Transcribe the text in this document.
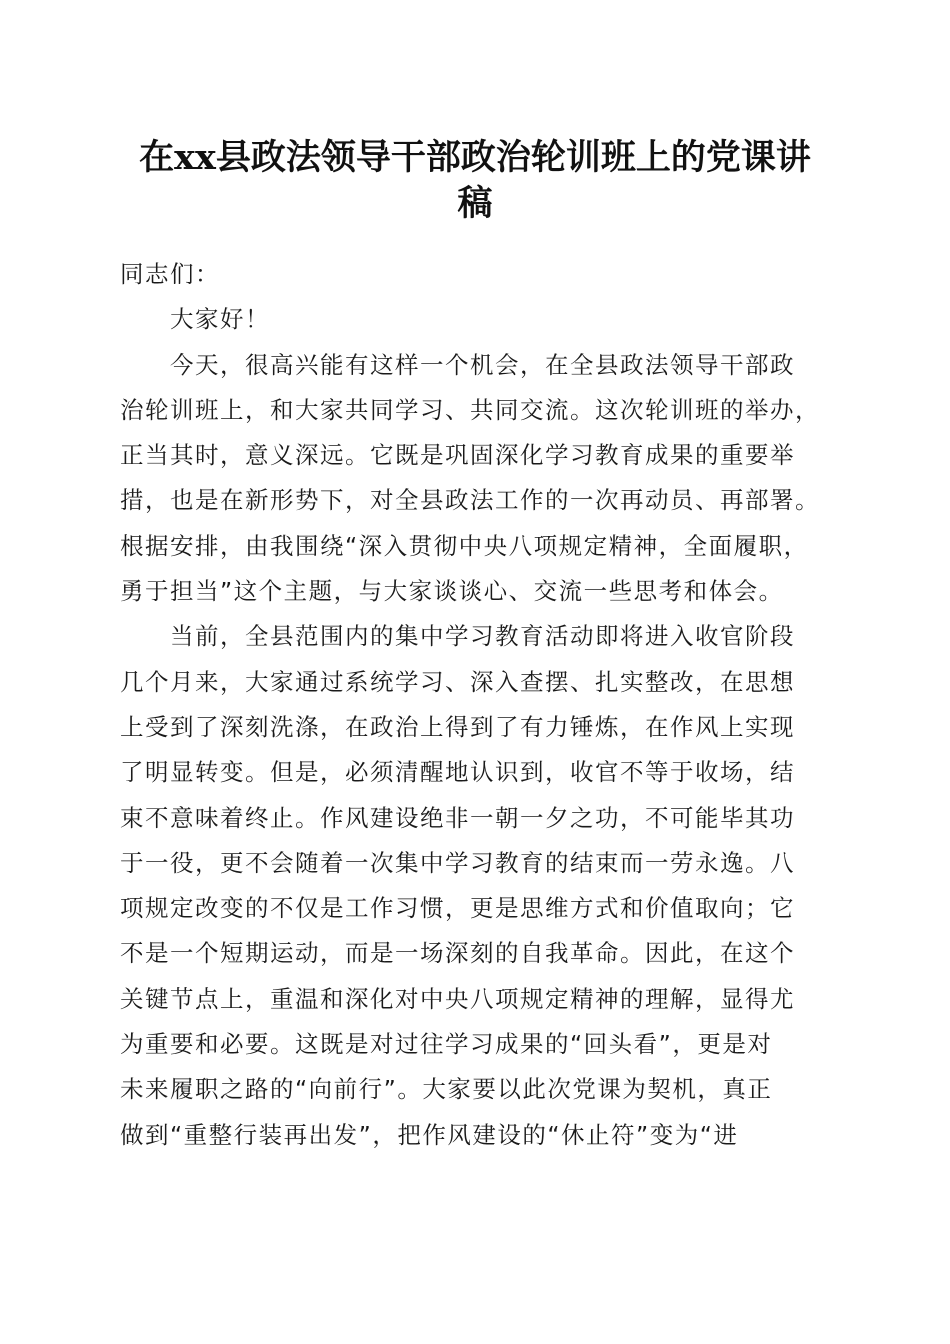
在xx县政法领导干部政治轮训班上的党课讲
稿
同志们：
大家好！
今天，很高兴能有这样一个机会，在全县政法领导干部政
治轮训班上，和大家共同学习、共同交流。这次轮训班的举办，
正当其时，意义深远。它既是巩固深化学习教育成果的重要举
措，也是在新形势下，对全县政法工作的一次再动员、再部署。
根据安排，由我围绕“深入贯彻中央八项规定精神，全面履职，
勇于担当”这个主题，与大家谈谈心、交流一些思考和体会。
当前，全县范围内的集中学习教育活动即将进入收官阶段
几个月来，大家通过系统学习、深入查摆、扎实整改，在思想
上受到了深刻洗涤，在政治上得到了有力锤炼，在作风上实现
了明显转变。但是，必须清醒地认识到，收官不等于收场，结
束不意味着终止。作风建设绝非一朝一夕之功，不可能毕其功
于一役，更不会随着一次集中学习教育的结束而一劳永逸。八
项规定改变的不仅是工作习惯，更是思维方式和价值取向；它
不是一个短期运动，而是一场深刻的自我革命。因此，在这个
关键节点上，重温和深化对中央八项规定精神的理解，显得尤
为重要和必要。这既是对过往学习成果的“回头看”，更是对
未来履职之路的“向前行”。大家要以此次党课为契机，真正
做到“重整行装再出发”，把作风建设的“休止符”变为“进
